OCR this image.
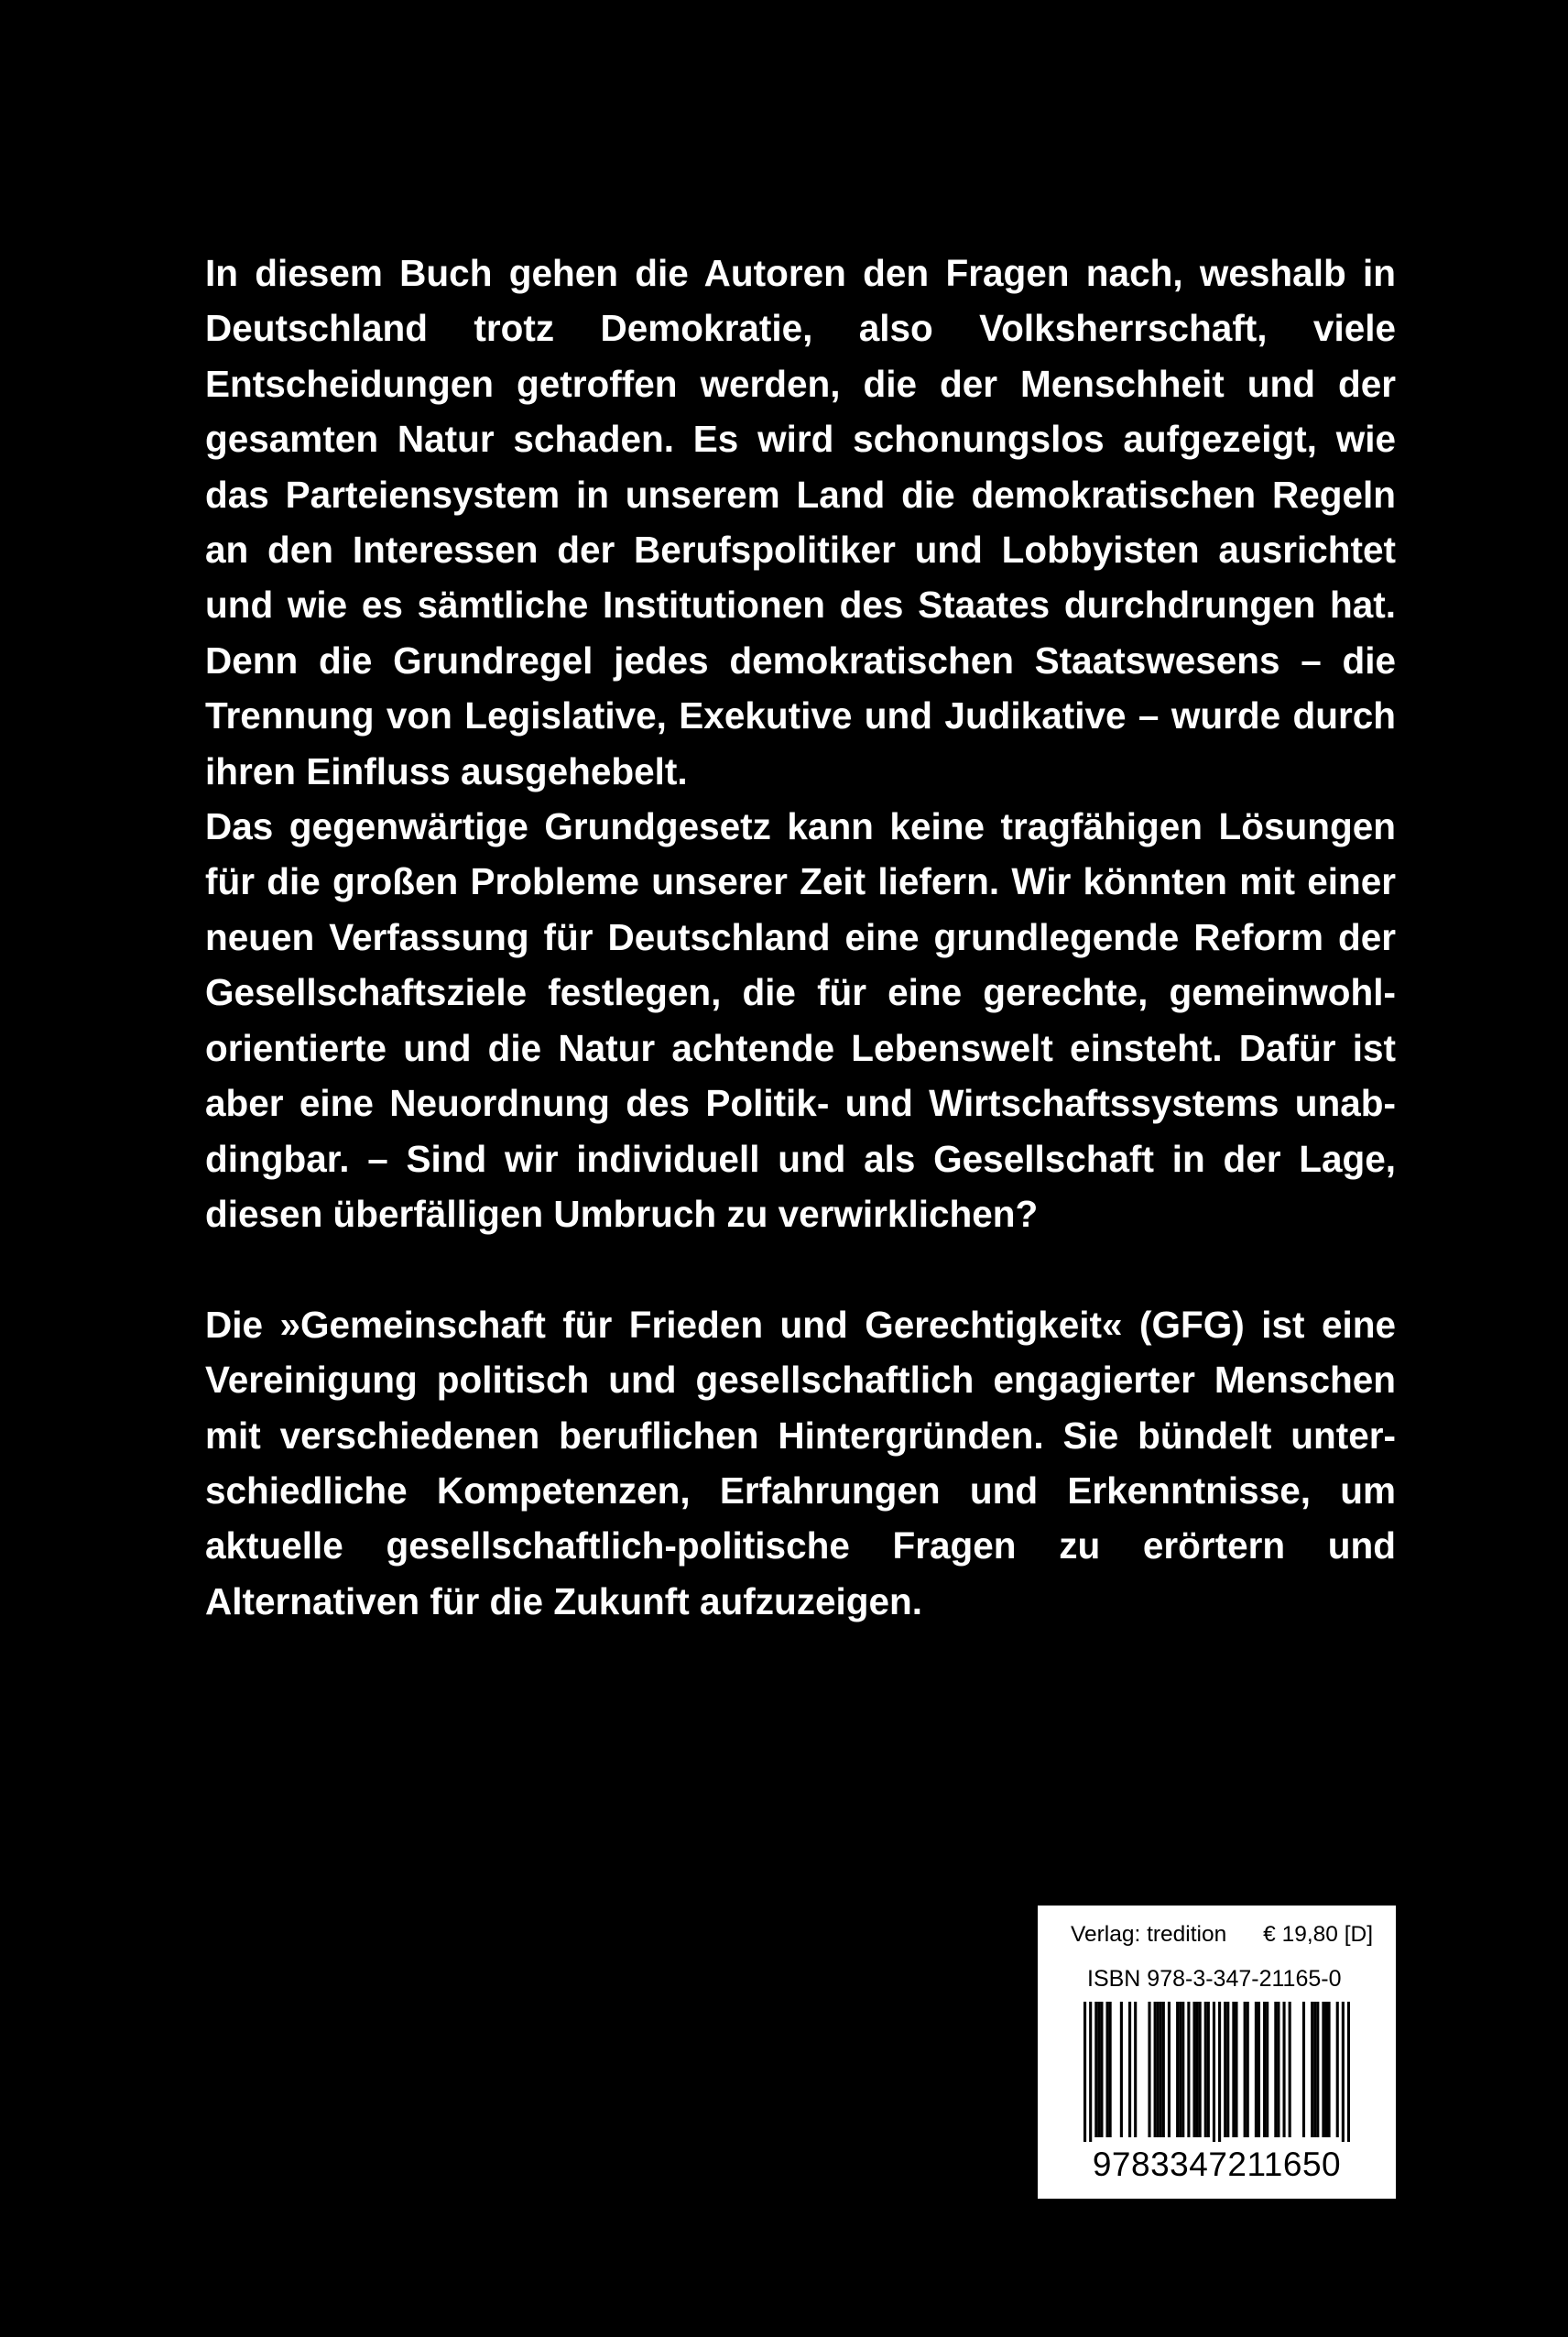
In diesem Buch gehen die Autoren den Fragen nach, weshalb in Deutschland trotz Demokratie, also Volksherrschaft, viele Entscheidungen getroffen werden, die der Menschheit und der gesamten Natur schaden. Es wird schonungslos aufgezeigt, wie das Parteiensystem in unserem Land die demokratischen Regeln an den Interessen der Berufspolitiker und Lobbyisten ausrichtet und wie es sämtliche Institutionen des Staates durchdrungen hat. Denn die Grundregel jedes demokratischen Staatswesens – die Trennung von Legislative, Exekutive und Judikative – wurde durch ihren Einfluss ausgehebelt.

Das gegenwärtige Grundgesetz kann keine tragfähigen Lösungen für die großen Probleme unserer Zeit liefern. Wir könnten mit einer neuen Verfassung für Deutschland eine grundlegende Reform der Gesellschaftsziele festlegen, die für eine gerechte, gemeinwohlorientierte und die Natur achtende Lebenswelt einsteht. Dafür ist aber eine Neuordnung des Politik- und Wirtschaftssystems unabdingbar. – Sind wir individuell und als Gesellschaft in der Lage, diesen überfälligen Umbruch zu verwirklichen?

Die »Gemeinschaft für Frieden und Gerechtigkeit« (GFG) ist eine Vereinigung politisch und gesellschaftlich engagierter Menschen mit verschiedenen beruflichen Hintergründen. Sie bündelt unterschiedliche Kompetenzen, Erfahrungen und Erkenntnisse, um aktuelle gesellschaftlich-politische Fragen zu erörtern und Alternativen für die Zukunft aufzuzeigen.

Verlag: tredition € 19,80 [D]
ISBN 978-3-347-21165-0
9783347211650
